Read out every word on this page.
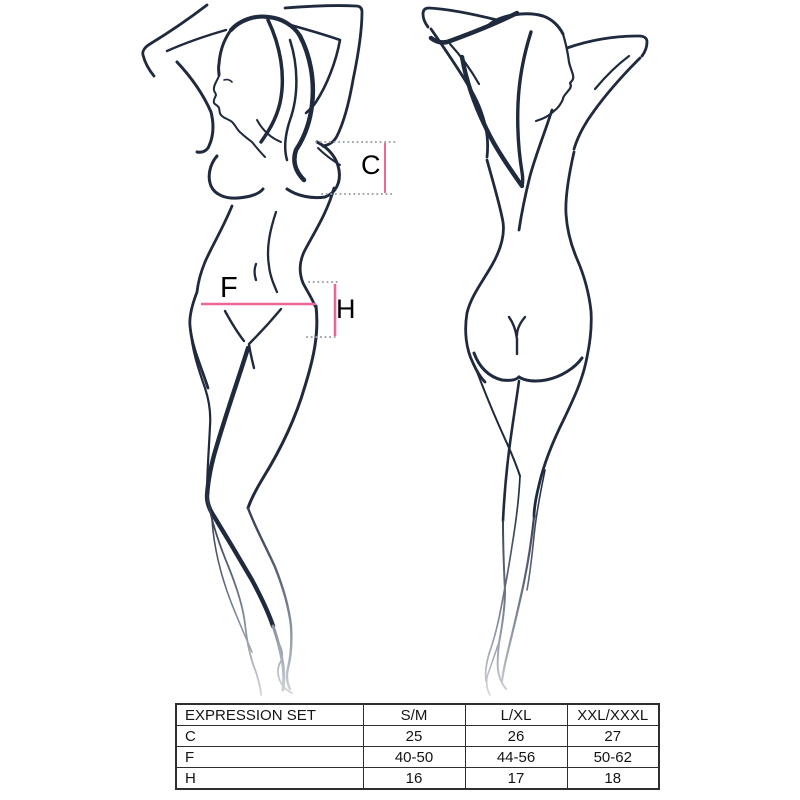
C
F
H
EXPRESSION SET	S/M	L/XL	XXL/XXXL
C	25	26	27
F	40-50	44-56	50-62
H	16	17	18
